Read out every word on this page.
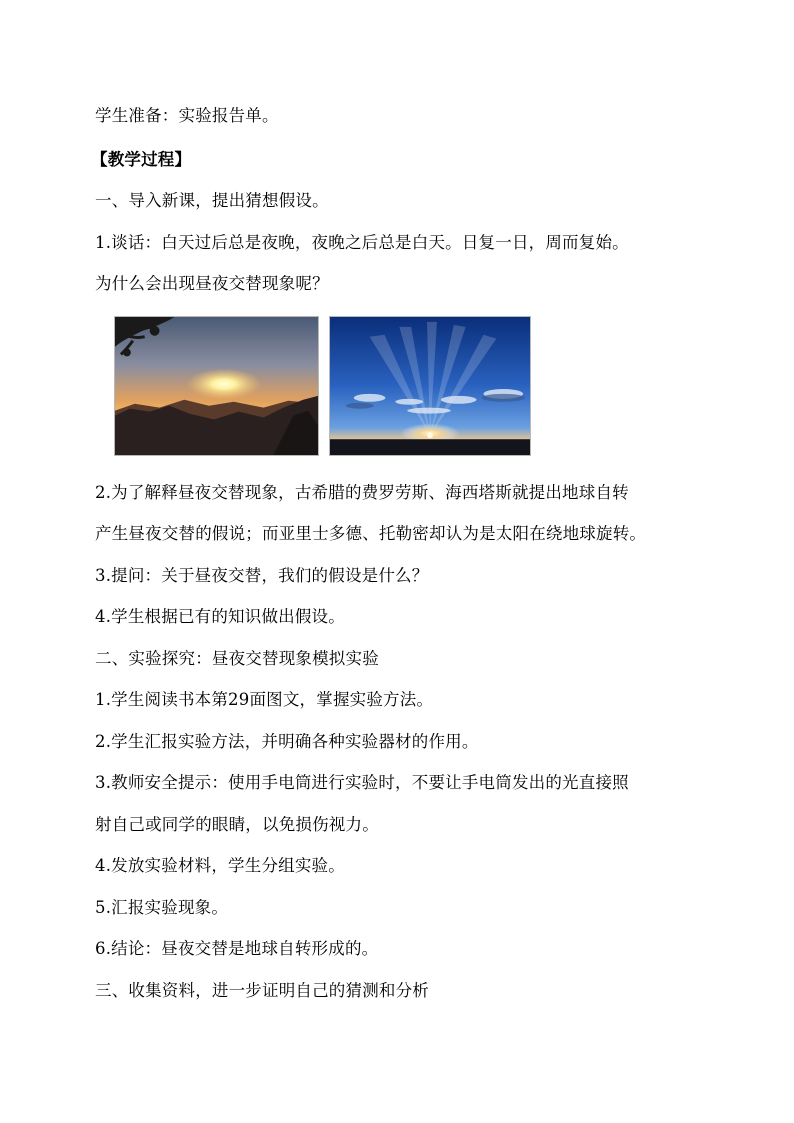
学生准备：实验报告单。
【教学过程】
一、导入新课，提出猜想假设。
1.谈话：白天过后总是夜晚，夜晚之后总是白天。日复一日，周而复始。
为什么会出现昼夜交替现象呢？
2.为了解释昼夜交替现象，古希腊的费罗劳斯、海西塔斯就提出地球自转
产生昼夜交替的假说；而亚里士多德、托勒密却认为是太阳在绕地球旋转。
3.提问：关于昼夜交替，我们的假设是什么？
4.学生根据已有的知识做出假设。
二、实验探究：昼夜交替现象模拟实验
1.学生阅读书本第29面图文，掌握实验方法。
2.学生汇报实验方法，并明确各种实验器材的作用。
3.教师安全提示：使用手电筒进行实验时，不要让手电筒发出的光直接照
射自己或同学的眼睛，以免损伤视力。
4.发放实验材料，学生分组实验。
5.汇报实验现象。
6.结论：昼夜交替是地球自转形成的。
三、收集资料，进一步证明自己的猜测和分析
